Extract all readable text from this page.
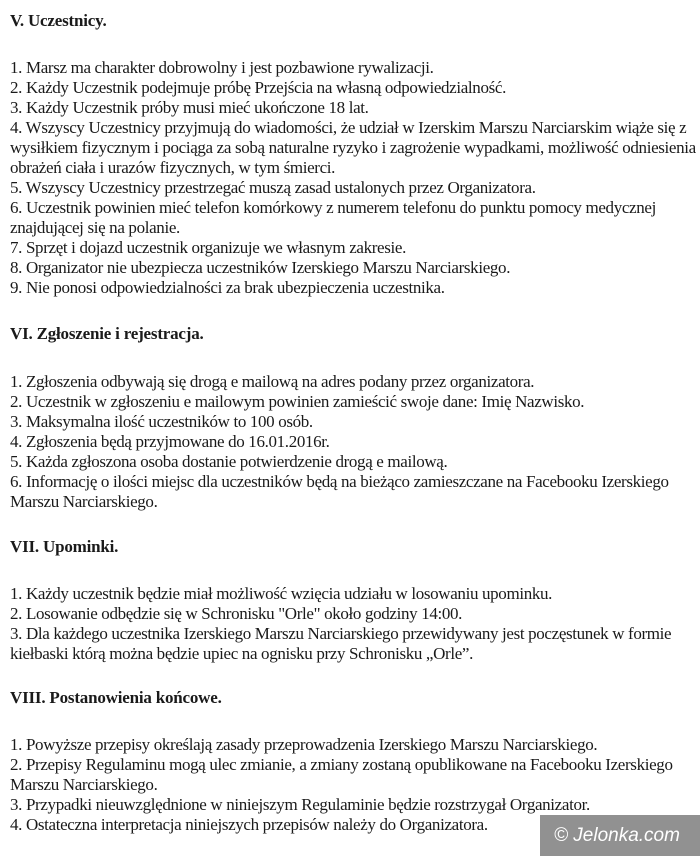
V. Uczestnicy.
1. Marsz ma charakter dobrowolny i jest pozbawione rywalizacji.
2. Każdy Uczestnik podejmuje próbę Przejścia na własną odpowiedzialność.
3. Każdy Uczestnik próby musi mieć ukończone 18 lat.
4. Wszyscy Uczestnicy przyjmują do wiadomości, że udział w Izerskim Marszu Narciarskim wiąże się z wysiłkiem fizycznym i pociąga za sobą naturalne ryzyko i zagrożenie wypadkami, możliwość odniesienia obrażeń ciała i urazów fizycznych, w tym śmierci.
5. Wszyscy Uczestnicy przestrzegać muszą zasad ustalonych przez Organizatora.
6. Uczestnik powinien mieć telefon komórkowy z numerem telefonu do punktu pomocy medycznej znajdującej się na polanie.
7. Sprzęt i dojazd uczestnik organizuje we własnym zakresie.
8. Organizator nie ubezpiecza uczestników Izerskiego Marszu Narciarskiego.
9. Nie ponosi odpowiedzialności za brak ubezpieczenia uczestnika.
VI. Zgłoszenie i rejestracja.
1. Zgłoszenia odbywają się drogą e mailową na adres podany przez organizatora.
2. Uczestnik w zgłoszeniu e mailowym powinien zamieścić swoje dane: Imię Nazwisko.
3. Maksymalna ilość uczestników to 100 osób.
4. Zgłoszenia będą przyjmowane do 16.01.2016r.
5. Każda zgłoszona osoba dostanie potwierdzenie drogą e mailową.
6. Informację o ilości miejsc dla uczestników będą na bieżąco zamieszczane na Facebooku Izerskiego Marszu Narciarskiego.
VII. Upominki.
1. Każdy uczestnik będzie miał możliwość wzięcia udziału w losowaniu upominku.
2. Losowanie odbędzie się w Schronisku "Orle" około godziny 14:00.
3. Dla każdego uczestnika Izerskiego Marszu Narciarskiego przewidywany jest poczęstunek w formie kiełbaski którą można będzie upiec na ognisku przy Schronisku „Orle”.
VIII. Postanowienia końcowe.
1. Powyższe przepisy określają zasady przeprowadzenia Izerskiego Marszu Narciarskiego.
2. Przepisy Regulaminu mogą ulec zmianie, a zmiany zostaną opublikowane na Facebooku Izerskiego Marszu Narciarskiego.
3. Przypadki nieuwzględnione w niniejszym Regulaminie będzie rozstrzygał Organizator.
4. Ostateczna interpretacja niniejszych przepisów należy do Organizatora.
© Jelonka.com
